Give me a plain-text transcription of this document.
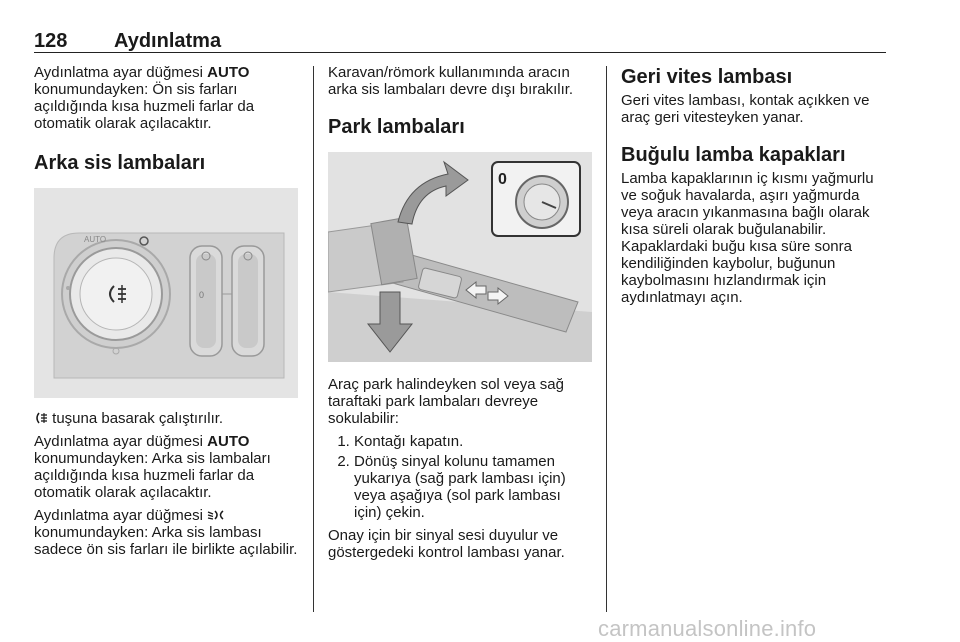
128 Aydınlatma

Aydınlatma ayar düğmesi AUTO konumundayken: Ön sis farları açıldığında kısa huzmeli farlar da otomatik olarak açılacaktır.

Arka sis lambaları
AUTO
0

tuşuna basarak çalıştırılır.

Aydınlatma ayar düğmesi AUTO konumundayken: Arka sis lambaları açıldığında kısa huzmeli farlar da otomatik olarak açılacaktır.

Aydınlatma ayar düğmesi  konumundayken: Arka sis lambası sadece ön sis farları ile birlikte açılabilir.

Karavan/römork kullanımında aracın arka sis lambaları devre dışı bırakılır.

Park lambaları
0

Araç park halindeyken sol veya sağ taraftaki park lambaları devreye sokulabilir:

1. Kontağı kapatın.
2. Dönüş sinyal kolunu tamamen yukarıya (sağ park lambası için) veya aşağıya (sol park lambası için) çekin.

Onay için bir sinyal sesi duyulur ve göstergedeki kontrol lambası yanar.

Geri vites lambası

Geri vites lambası, kontak açıkken ve araç geri vitesteyken yanar.

Buğulu lamba kapakları

Lamba kapaklarının iç kısmı yağmurlu ve soğuk havalarda, aşırı yağmurda veya aracın yıkanmasına bağlı olarak kısa süreli olarak buğulanabilir. Kapaklardaki buğu kısa süre sonra kendiliğinden kaybolur, buğunun kaybolmasını hızlandırmak için aydınlatmayı açın.

carmanualsonline.info
